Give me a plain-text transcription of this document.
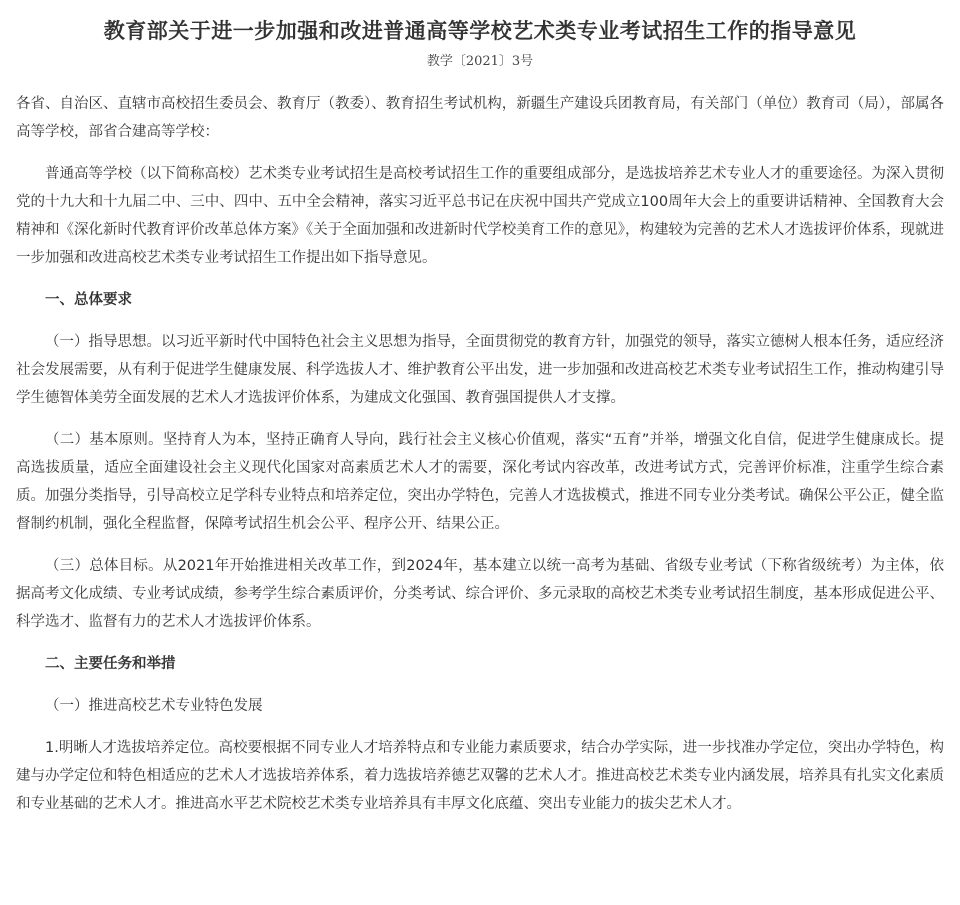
教育部关于进一步加强和改进普通高等学校艺术类专业考试招生工作的指导意见
教学〔2021〕3号

各省、自治区、直辖市高校招生委员会、教育厅（教委）、教育招生考试机构，新疆生产建设兵团教育局，有关部门（单位）教育司（局），部属各高等学校，部省合建高等学校：

普通高等学校（以下简称高校）艺术类专业考试招生是高校考试招生工作的重要组成部分，是选拔培养艺术专业人才的重要途径。为深入贯彻党的十九大和十九届二中、三中、四中、五中全会精神，落实习近平总书记在庆祝中国共产党成立100周年大会上的重要讲话精神、全国教育大会精神和《深化新时代教育评价改革总体方案》《关于全面加强和改进新时代学校美育工作的意见》，构建较为完善的艺术人才选拔评价体系，现就进一步加强和改进高校艺术类专业考试招生工作提出如下指导意见。

一、总体要求

（一）指导思想。以习近平新时代中国特色社会主义思想为指导，全面贯彻党的教育方针，加强党的领导，落实立德树人根本任务，适应经济社会发展需要，从有利于促进学生健康发展、科学选拔人才、维护教育公平出发，进一步加强和改进高校艺术类专业考试招生工作，推动构建引导学生德智体美劳全面发展的艺术人才选拔评价体系，为建成文化强国、教育强国提供人才支撑。

（二）基本原则。坚持育人为本，坚持正确育人导向，践行社会主义核心价值观，落实“五育”并举，增强文化自信，促进学生健康成长。提高选拔质量，适应全面建设社会主义现代化国家对高素质艺术人才的需要，深化考试内容改革，改进考试方式，完善评价标准，注重学生综合素质。加强分类指导，引导高校立足学科专业特点和培养定位，突出办学特色，完善人才选拔模式，推进不同专业分类考试。确保公平公正，健全监督制约机制，强化全程监督，保障考试招生机会公平、程序公开、结果公正。

（三）总体目标。从2021年开始推进相关改革工作，到2024年，基本建立以统一高考为基础、省级专业考试（下称省级统考）为主体，依据高考文化成绩、专业考试成绩，参考学生综合素质评价，分类考试、综合评价、多元录取的高校艺术类专业考试招生制度，基本形成促进公平、科学选才、监督有力的艺术人才选拔评价体系。

二、主要任务和举措

（一）推进高校艺术专业特色发展

1.明晰人才选拔培养定位。高校要根据不同专业人才培养特点和专业能力素质要求，结合办学实际，进一步找准办学定位，突出办学特色，构建与办学定位和特色相适应的艺术人才选拔培养体系，着力选拔培养德艺双馨的艺术人才。推进高校艺术类专业内涵发展，培养具有扎实文化素质和专业基础的艺术人才。推进高水平艺术院校艺术类专业培养具有丰厚文化底蕴、突出专业能力的拔尖艺术人才。
